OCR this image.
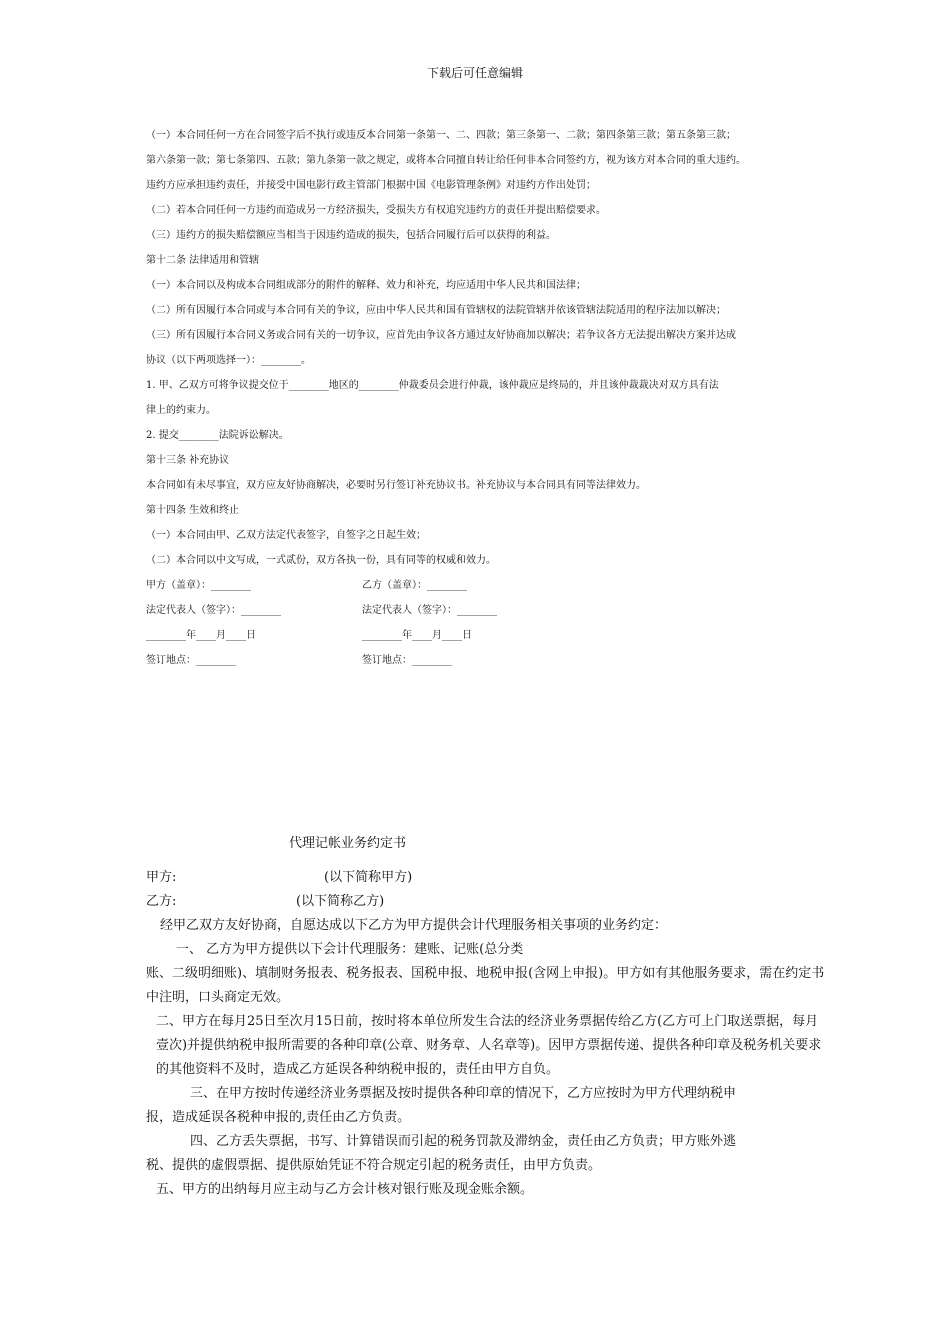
下载后可任意编辑

（一）本合同任何一方在合同签字后不执行或违反本合同第一条第一、二、四款；第三条第一、二款；第四条第三款；第五条第三款；

第六条第一款；第七条第四、五款；第九条第一款之规定，或将本合同擅自转让给任何非本合同签约方，视为该方对本合同的重大违约。

违约方应承担违约责任，并接受中国电影行政主管部门根据中国《电影管理条例》对违约方作出处罚；

（二）若本合同任何一方违约而造成另一方经济损失，受损失方有权追究违约方的责任并提出赔偿要求。

（三）违约方的损失赔偿额应当相当于因违约造成的损失，包括合同履行后可以获得的利益。

第十二条 法律适用和管辖

（一）本合同以及构成本合同组成部分的附件的解释、效力和补充，均应适用中华人民共和国法律；

（二）所有因履行本合同或与本合同有关的争议，应由中华人民共和国有管辖权的法院管辖并依该管辖法院适用的程序法加以解决；

（三）所有因履行本合同义务或合同有关的一切争议，应首先由争议各方通过友好协商加以解决；若争议各方无法提出解决方案并达成

协议（以下两项选择一）：________。

1. 甲、乙双方可将争议提交位于________地区的________仲裁委员会进行仲裁，该仲裁应是终局的，并且该仲裁裁决对双方具有法

律上的约束力。

2. 提交________法院诉讼解决。

第十三条 补充协议

本合同如有未尽事宜，双方应友好协商解决，必要时另行签订补充协议书。补充协议与本合同具有同等法律效力。

第十四条 生效和终止

（一）本合同由甲、乙双方法定代表签字，自签字之日起生效；

（二）本合同以中文写成，一式贰份，双方各执一份，具有同等的权威和效力。

甲方（盖章）：________	乙方（盖章）：________
法定代表人（签字）：________	法定代表人（签字）：________
________年____月____日	________年____月____日
签订地点：________	签订地点：________
代理记帐业务约定书

甲方:	(以下简称甲方)

乙方:	(以下简称乙方)

经甲乙双方友好协商，自愿达成以下乙方为甲方提供会计代理服务相关事项的业务约定：

一、 乙方为甲方提供以下会计代理服务：建账、记账(总分类

账、二级明细账)、填制财务报表、税务报表、国税申报、地税申报(含网上申报)。甲方如有其他服务要求，需在约定书中注明，口头商定无效。

二、甲方在每月25日至次月15日前，按时将本单位所发生合法的经济业务票据传给乙方(乙方可上门取送票据，每月壹次)并提供纳税申报所需要的各种印章(公章、财务章、人名章等)。因甲方票据传递、提供各种印章及税务机关要求的其他资料不及时，造成乙方延误各种纳税申报的，责任由甲方自负。

三、在甲方按时传递经济业务票据及按时提供各种印章的情况下，乙方应按时为甲方代理纳税申

报，造成延误各税种申报的,责任由乙方负责。

四、乙方丢失票据，书写、计算错误而引起的税务罚款及滞纳金，责任由乙方负责；甲方账外逃

税、提供的虚假票据、提供原始凭证不符合规定引起的税务责任，由甲方负责。

五、甲方的出纳每月应主动与乙方会计核对银行账及现金账余额。
